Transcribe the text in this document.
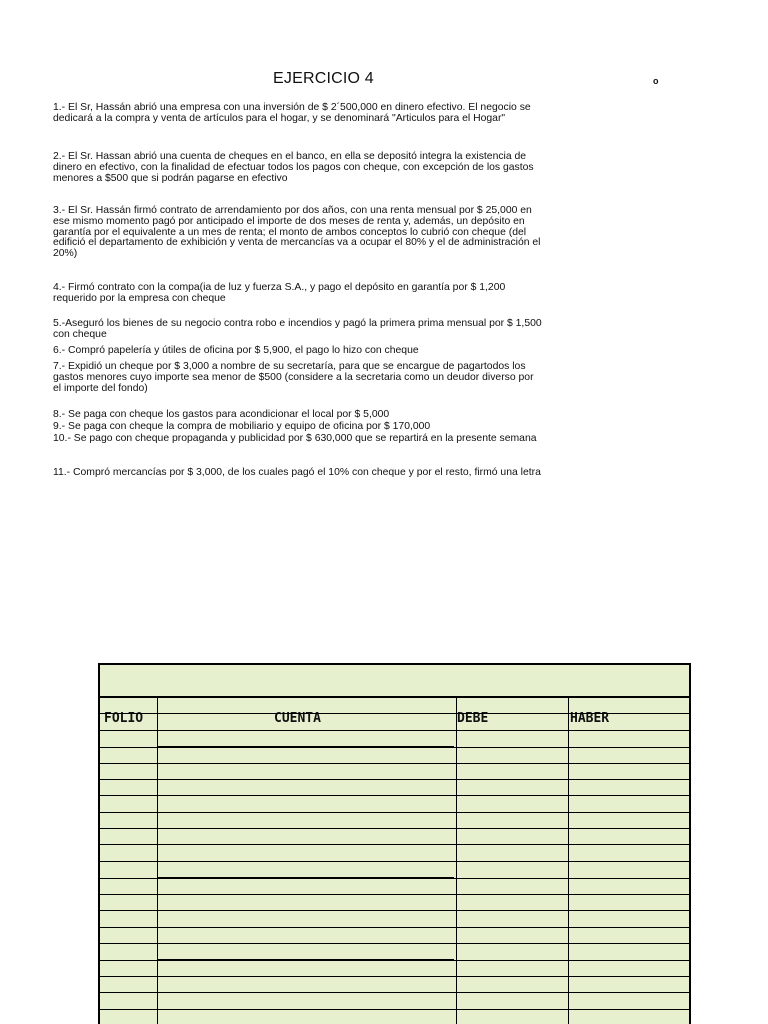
EJERCICIO 4	o
1.- El Sr, Hassán abrió una empresa con una inversión de $ 2´500,000 en dinero efectivo. El negocio se
dedicará a la compra y venta de artículos para el hogar, y se denominará "Articulos para el Hogar"
2.- El Sr. Hassan abrió una cuenta de cheques en el banco, en ella se depositó integra la existencia de
dinero en efectivo, con la finalidad de efectuar todos los pagos con cheque, con excepción de los gastos
menores a $500 que si podrán pagarse en efectivo
3.- El Sr. Hassán firmó contrato de arrendamiento por dos años, con una renta mensual por $ 25,000 en
ese mismo momento pagó por anticipado el importe de dos meses de renta y, además, un depósito en
garantía por el equivalente a un mes de renta; el monto de ambos conceptos lo cubrió con cheque (del
edifició el departamento de exhibición y venta de mercancías va a ocupar el 80% y el de administración el
20%)
4.- Firmó contrato con la compa(ia de luz y fuerza S.A., y pago el depósito en garantía por $ 1,200
requerido por la empresa con cheque
5.-Aseguró los bienes de su negocio contra robo e incendios y pagó la primera prima mensual por $ 1,500
con cheque
6.- Compró papelería y útiles de oficina por $ 5,900, el pago lo hizo con cheque
7.- Expidió un cheque por $ 3,000 a nombre de su secretaría, para que se encargue de pagartodos los
gastos menores cuyo importe sea menor de $500 (considere a la secretaria como un deudor diverso por
el importe del fondo)
8.- Se paga con cheque los gastos para acondicionar el local por $ 5,000
9.- Se paga con cheque la compra de mobiliario y equipo de oficina por $ 170,000
10.- Se pago con cheque propaganda y publicidad por $ 630,000 que se repartirá en la presente semana
11.- Compró mercancías por $ 3,000, de los cuales pagó el 10% con cheque y por el resto, firmó una letra
FOLIO	CUENTA	DEBE	HABER
